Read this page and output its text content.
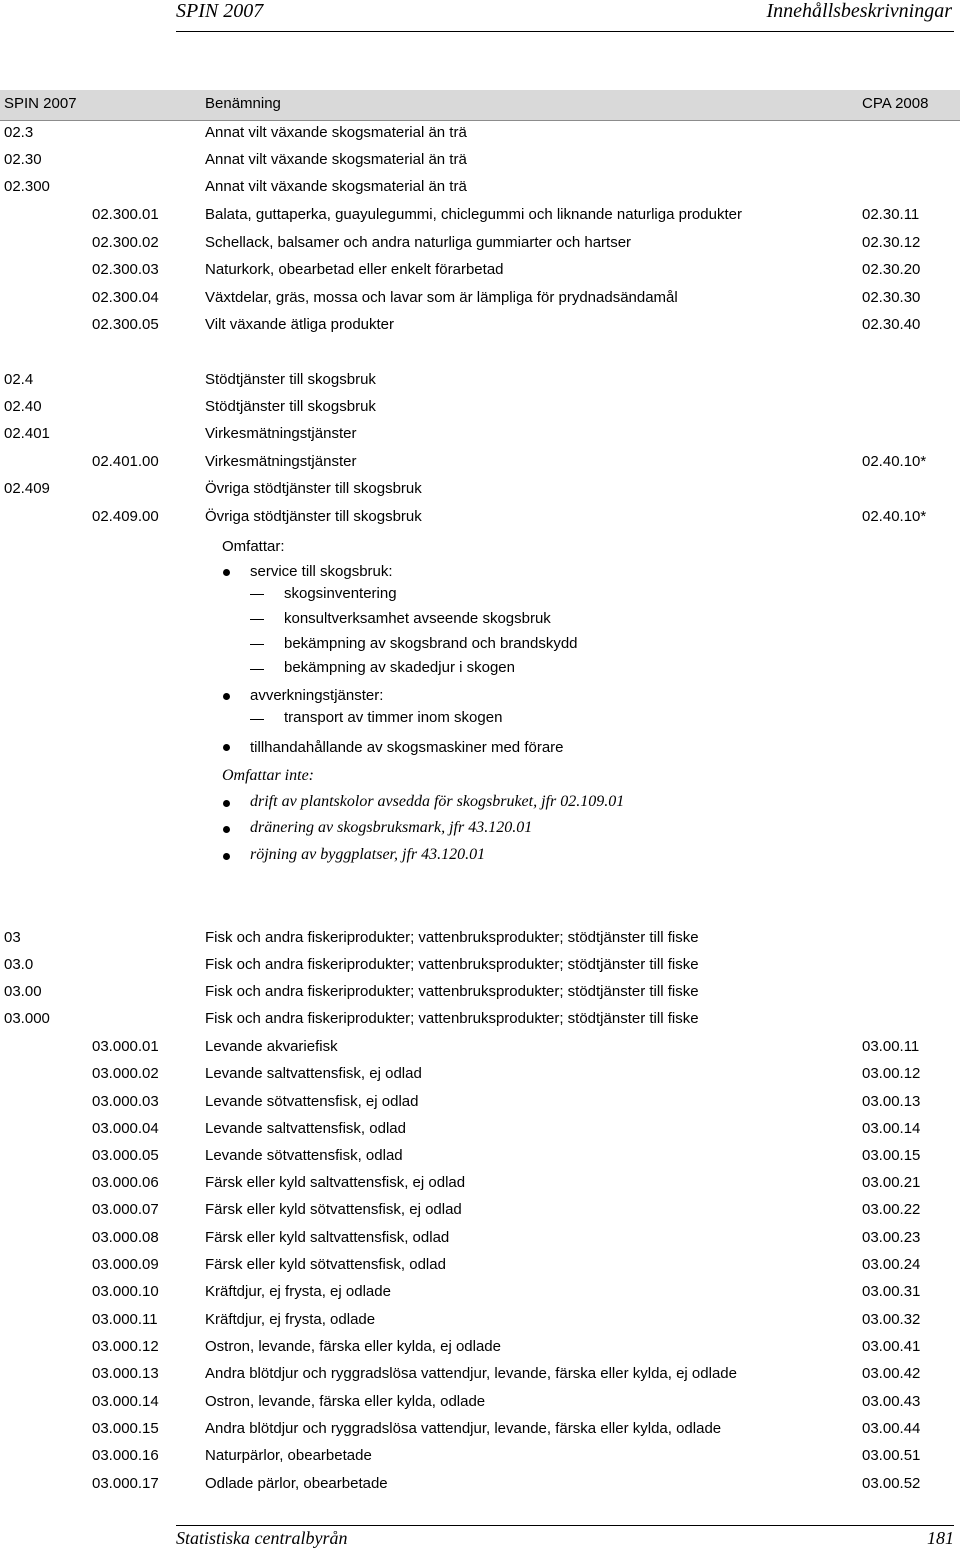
SPIN 2007	Innehållsbeskrivningar
SPIN 2007	Benämning	CPA 2008
02.3	Annat vilt växande skogsmaterial än trä
02.30	Annat vilt växande skogsmaterial än trä
02.300	Annat vilt växande skogsmaterial än trä
02.300.01	Balata, guttaperka, guayulegummi, chiclegummi och liknande naturliga produkter	02.30.11
02.300.02	Schellack, balsamer och andra naturliga gummiarter och hartser	02.30.12
02.300.03	Naturkork, obearbetad eller enkelt förarbetad	02.30.20
02.300.04	Växtdelar, gräs, mossa och lavar som är lämpliga för prydnadsändamål	02.30.30
02.300.05	Vilt växande ätliga produkter	02.30.40
02.4	Stödtjänster till skogsbruk
02.40	Stödtjänster till skogsbruk
02.401	Virkesmätningstjänster
02.401.00	Virkesmätningstjänster	02.40.10*
02.409	Övriga stödtjänster till skogsbruk
02.409.00	Övriga stödtjänster till skogsbruk	02.40.10*
Omfattar:
service till skogsbruk:
skogsinventering
konsultverksamhet avseende skogsbruk
bekämpning av skogsbrand och brandskydd
bekämpning av skadedjur i skogen
avverkningstjänster:
transport av timmer inom skogen
tillhandahållande av skogsmaskiner med förare
Omfattar inte:
drift av plantskolor avsedda för skogsbruket, jfr 02.109.01
dränering av skogsbruksmark, jfr 43.120.01
röjning av byggplatser, jfr 43.120.01
03	Fisk och andra fiskeriprodukter; vattenbruksprodukter; stödtjänster till fiske
03.0	Fisk och andra fiskeriprodukter; vattenbruksprodukter; stödtjänster till fiske
03.00	Fisk och andra fiskeriprodukter; vattenbruksprodukter; stödtjänster till fiske
03.000	Fisk och andra fiskeriprodukter; vattenbruksprodukter; stödtjänster till fiske
03.000.01	Levande akvariefisk	03.00.11
03.000.02	Levande saltvattensfisk, ej odlad	03.00.12
03.000.03	Levande sötvattensfisk, ej odlad	03.00.13
03.000.04	Levande saltvattensfisk, odlad	03.00.14
03.000.05	Levande sötvattensfisk, odlad	03.00.15
03.000.06	Färsk eller kyld saltvattensfisk, ej odlad	03.00.21
03.000.07	Färsk eller kyld sötvattensfisk, ej odlad	03.00.22
03.000.08	Färsk eller kyld saltvattensfisk, odlad	03.00.23
03.000.09	Färsk eller kyld sötvattensfisk, odlad	03.00.24
03.000.10	Kräftdjur, ej frysta, ej odlade	03.00.31
03.000.11	Kräftdjur, ej frysta, odlade	03.00.32
03.000.12	Ostron, levande, färska eller kylda, ej odlade	03.00.41
03.000.13	Andra blötdjur och ryggradslösa vattendjur, levande, färska eller kylda, ej odlade	03.00.42
03.000.14	Ostron, levande, färska eller kylda, odlade	03.00.43
03.000.15	Andra blötdjur och ryggradslösa vattendjur, levande, färska eller kylda, odlade	03.00.44
03.000.16	Naturpärlor, obearbetade	03.00.51
03.000.17	Odlade pärlor, obearbetade	03.00.52
Statistiska centralbyrån	181
